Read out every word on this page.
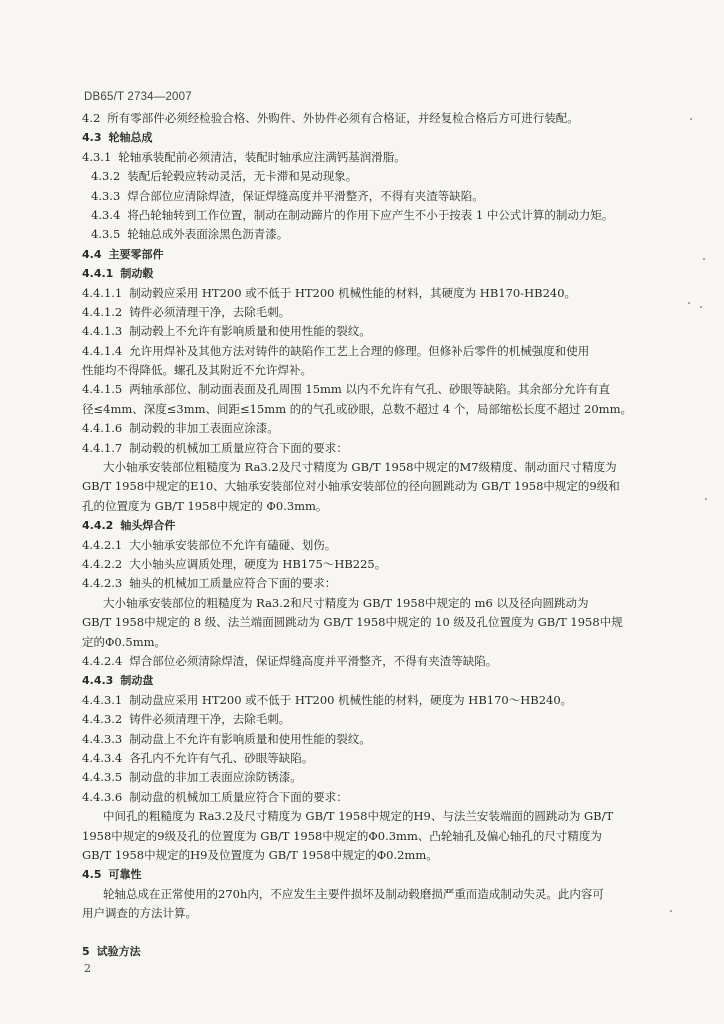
DB65/T 2734—2007
4.2 所有零部件必须经检验合格、外购件、外协件必须有合格证，并经复检合格后方可进行装配。
4.3 轮轴总成
4.3.1 轮轴承装配前必须清洁，装配时轴承应注满钙基润滑脂。
4.3.2 装配后轮毂应转动灵活，无卡滞和晃动现象。
4.3.3 焊合部位应清除焊渣，保证焊缝高度并平滑整齐，不得有夹渣等缺陷。
4.3.4 将凸轮轴转到工作位置，制动在制动蹄片的作用下应产生不小于按表 1 中公式计算的制动力矩。
4.3.5 轮轴总成外表面涂黑色沥青漆。
4.4 主要零部件
4.4.1 制动毂
4.4.1.1 制动毂应采用 HT200 或不低于 HT200 机械性能的材料，其硬度为 HB170-HB240。
4.4.1.2 铸件必须清理干净，去除毛刺。
4.4.1.3 制动毂上不允许有影响质量和使用性能的裂纹。
4.4.1.4 允许用焊补及其他方法对铸件的缺陷作工艺上合理的修理。但修补后零件的机械强度和使用
性能均不得降低。螺孔及其附近不允许焊补。
4.4.1.5 两轴承部位、制动面表面及孔周围 15mm 以内不允许有气孔、砂眼等缺陷。其余部分允许有直
径≤4mm、深度≤3mm、间距≤15mm 的的气孔或砂眼，总数不超过 4 个，局部缩松长度不超过 20mm。
4.4.1.6 制动毂的非加工表面应涂漆。
4.4.1.7 制动毂的机械加工质量应符合下面的要求：
大小轴承安装部位粗糙度为 Ra3.2及尺寸精度为 GB/T 1958中规定的M7级精度、制动面尺寸精度为
GB/T 1958中规定的E10、大轴承安装部位对小轴承安装部位的径向圆跳动为 GB/T 1958中规定的9级和
孔的位置度为 GB/T 1958中规定的 Φ0.3mm。
4.4.2 轴头焊合件
4.4.2.1 大小轴承安装部位不允许有磕碰、划伤。
4.4.2.2 大小轴头应调质处理，硬度为 HB175～HB225。
4.4.2.3 轴头的机械加工质量应符合下面的要求：
大小轴承安装部位的粗糙度为 Ra3.2和尺寸精度为 GB/T 1958中规定的 m6 以及径向圆跳动为
GB/T 1958中规定的 8 级、法兰端面圆跳动为 GB/T 1958中规定的 10 级及孔位置度为 GB/T 1958中规
定的Φ0.5mm。
4.4.2.4 焊合部位必须清除焊渣，保证焊缝高度并平滑整齐，不得有夹渣等缺陷。
4.4.3 制动盘
4.4.3.1 制动盘应采用 HT200 或不低于 HT200 机械性能的材料，硬度为 HB170～HB240。
4.4.3.2 铸件必须清理干净，去除毛刺。
4.4.3.3 制动盘上不允许有影响质量和使用性能的裂纹。
4.4.3.4 各孔内不允许有气孔、砂眼等缺陷。
4.4.3.5 制动盘的非加工表面应涂防锈漆。
4.4.3.6 制动盘的机械加工质量应符合下面的要求：
中间孔的粗糙度为 Ra3.2及尺寸精度为 GB/T 1958中规定的H9、与法兰安装端面的圆跳动为 GB/T
1958中规定的9级及孔的位置度为 GB/T 1958中规定的Φ0.3mm、凸轮轴孔及偏心轴孔的尺寸精度为
GB/T 1958中规定的H9及位置度为 GB/T 1958中规定的Φ0.2mm。
4.5 可靠性
轮轴总成在正常使用的270h内，不应发生主要件损坏及制动毂磨损严重而造成制动失灵。此内容可
用户调查的方法计算。
5 试验方法
2
